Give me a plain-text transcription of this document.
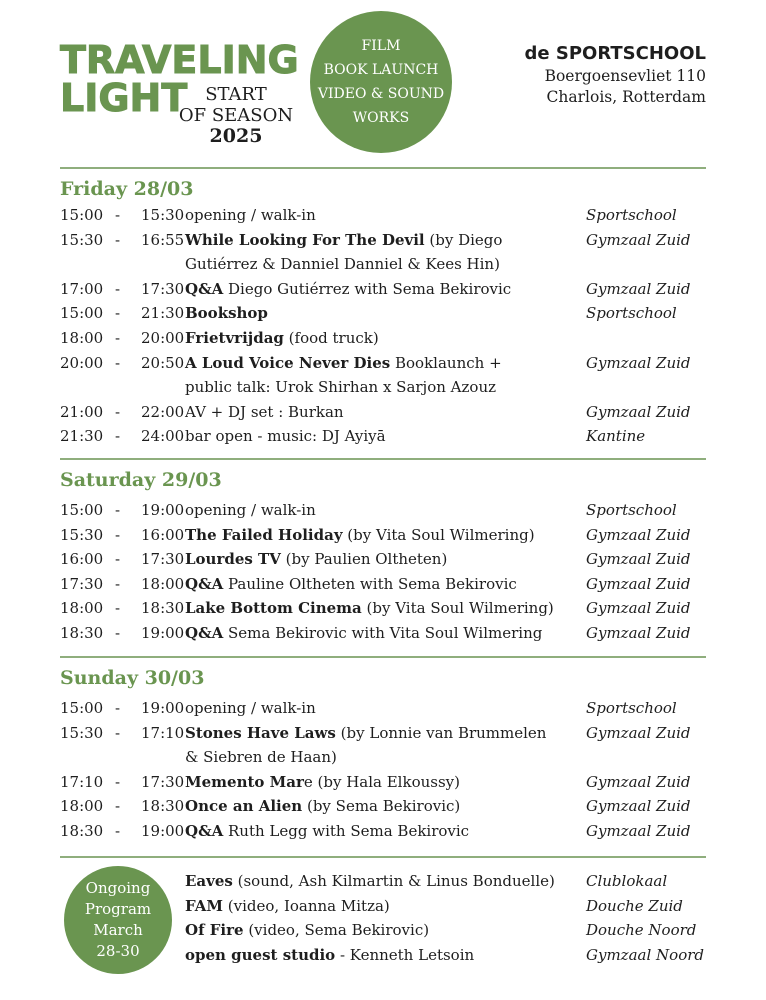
TRAVELING
LIGHT START
OF SEASON
2025
FILM
BOOK LAUNCH
VIDEO & SOUND
WORKS
de SPORTSCHOOL
Boergoensevliet 110
Charlois, Rotterdam
Friday 28/03
15:00 - 15:30 opening / walk-in	Sportschool
15:30 - 16:55 While Looking For The Devil (by Diego	Gymzaal Zuid
Gutiérrez & Danniel Danniel & Kees Hin)
17:00 - 17:30 Q&A Diego Gutiérrez with Sema Bekirovic	Gymzaal Zuid
15:00 - 21:30 Bookshop	Sportschool
18:00 - 20:00 Frietvrijdag (food truck)
20:00 - 20:50 A Loud Voice Never Dies Booklaunch +	Gymzaal Zuid
public talk: Urok Shirhan x Sarjon Azouz
21:00 - 22:00 AV + DJ set : Burkan	Gymzaal Zuid
21:30 - 24:00 bar open - music: DJ Ayiyā	Kantine
Saturday 29/03
15:00 - 19:00 opening / walk-in	Sportschool
15:30 - 16:00 The Failed Holiday (by Vita Soul Wilmering)	Gymzaal Zuid
16:00 - 17:30 Lourdes TV (by Paulien Oltheten)	Gymzaal Zuid
17:30 - 18:00 Q&A Pauline Oltheten with Sema Bekirovic	Gymzaal Zuid
18:00 - 18:30 Lake Bottom Cinema (by Vita Soul Wilmering)	Gymzaal Zuid
18:30 - 19:00 Q&A Sema Bekirovic with Vita Soul Wilmering	Gymzaal Zuid
Sunday 30/03
15:00 - 19:00 opening / walk-in	Sportschool
15:30 - 17:10 Stones Have Laws (by Lonnie van Brummelen	Gymzaal Zuid
& Siebren de Haan)
17:10 - 17:30 Memento Mare (by Hala Elkoussy)	Gymzaal Zuid
18:00 - 18:30 Once an Alien (by Sema Bekirovic)	Gymzaal Zuid
18:30 - 19:00 Q&A Ruth Legg with Sema Bekirovic	Gymzaal Zuid
Ongoing
Program
March
28-30
Eaves (sound, Ash Kilmartin & Linus Bonduelle)	Clublokaal
FAM (video, Ioanna Mitza)	Douche Zuid
Of Fire (video, Sema Bekirovic)	Douche Noord
open guest studio - Kenneth Letsoin	Gymzaal Noord
